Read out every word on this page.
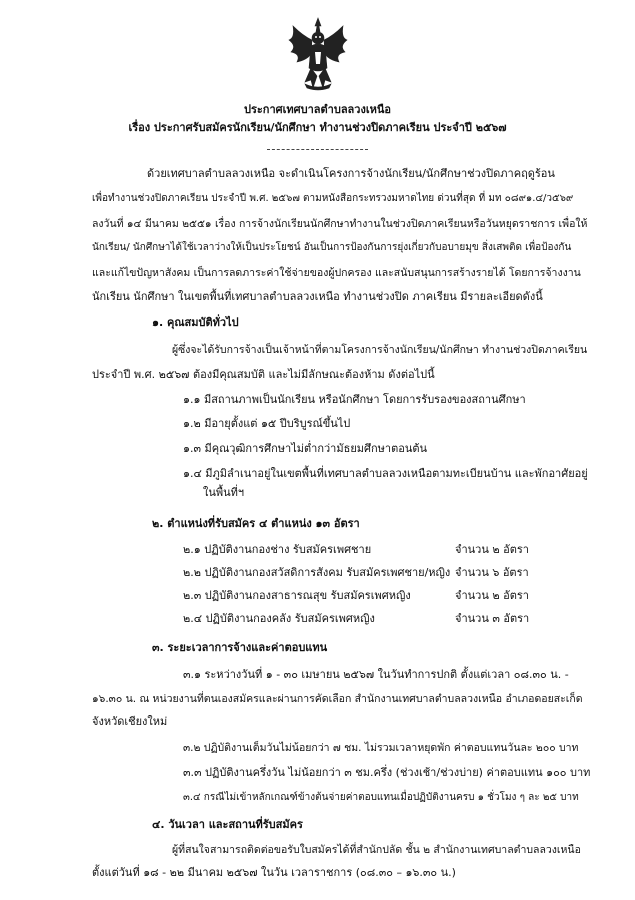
ประกาศเทศบาลตำบลลวงเหนือ
เรื่อง ประกาศรับสมัครนักเรียน/นักศึกษา ทำงานช่วงปิดภาคเรียน ประจำปี ๒๕๖๗
ด้วยเทศบาลตำบลลวงเหนือ จะดำเนินโครงการจ้างนักเรียน/นักศึกษาช่วงปิดภาคฤดูร้อน
เพื่อทำงานช่วงปิดภาคเรียน ประจำปี พ.ศ. ๒๕๖๗ ตามหนังสือกระทรวงมหาดไทย ด่วนที่สุด ที่ มท ๐๘๙๑.๔/ว๕๖๙
ลงวันที่ ๑๔ มีนาคม ๒๕๕๑ เรื่อง การจ้างนักเรียนนักศึกษาทำงานในช่วงปิดภาคเรียนหรือวันหยุดราชการ เพื่อให้
นักเรียน/ นักศึกษาได้ใช้เวลาว่างให้เป็นประโยชน์ อันเป็นการป้องกันการยุ่งเกี่ยวกับอบายมุข สิ่งเสพติด เพื่อป้องกัน
และแก้ไขปัญหาสังคม เป็นการลดภาระค่าใช้จ่ายของผู้ปกครอง และสนับสนุนการสร้างรายได้ โดยการจ้างงาน
นักเรียน นักศึกษา ในเขตพื้นที่เทศบาลตำบลลวงเหนือ ทำงานช่วงปิด ภาคเรียน มีรายละเอียดดังนี้
๑. คุณสมบัติทั่วไป
ผู้ซึ่งจะได้รับการจ้างเป็นเจ้าหน้าที่ตามโครงการจ้างนักเรียน/นักศึกษา ทำงานช่วงปิดภาคเรียน
ประจำปี พ.ศ. ๒๕๖๗ ต้องมีคุณสมบัติ และไม่มีลักษณะต้องห้าม ดังต่อไปนี้
๑.๑ มีสถานภาพเป็นนักเรียน หรือนักศึกษา โดยการรับรองของสถานศึกษา
๑.๒ มีอายุตั้งแต่ ๑๕ ปีบริบูรณ์ขึ้นไป
๑.๓ มีคุณวุฒิการศึกษาไม่ต่ำกว่ามัธยมศึกษาตอนต้น
๑.๔ มีภูมิลำเนาอยู่ในเขตพื้นที่เทศบาลตำบลลวงเหนือตามทะเบียนบ้าน และพักอาศัยอยู่
ในพื้นที่ฯ
๒. ตำแหน่งที่รับสมัคร ๔ ตำแหน่ง ๑๓ อัตรา
๒.๑ ปฏิบัติงานกองช่าง รับสมัครเพศชาย	จำนวน ๒ อัตรา
๒.๒ ปฏิบัติงานกองสวัสดิการสังคม รับสมัครเพศชาย/หญิง จำนวน ๖ อัตรา
๒.๓ ปฏิบัติงานกองสาธารณสุข รับสมัครเพศหญิง	จำนวน ๒ อัตรา
๒.๔ ปฏิบัติงานกองคลัง รับสมัครเพศหญิง	จำนวน ๓ อัตรา
๓. ระยะเวลาการจ้างและค่าตอบแทน
๓.๑ ระหว่างวันที่ ๑ - ๓๐ เมษายน ๒๕๖๗ ในวันทำการปกติ ตั้งแต่เวลา ๐๘.๓๐ น. -
๑๖.๓๐ น. ณ หน่วยงานที่ตนเองสมัครและผ่านการคัดเลือก สำนักงานเทศบาลตำบลลวงเหนือ อำเภอดอยสะเก็ด
จังหวัดเชียงใหม่
๓.๒ ปฏิบัติงานเต็มวันไม่น้อยกว่า ๗ ชม. ไม่รวมเวลาหยุดพัก ค่าตอบแทนวันละ ๒๐๐ บาท
๓.๓ ปฏิบัติงานครึ่งวัน ไม่น้อยกว่า ๓ ชม.ครึ่ง (ช่วงเช้า/ช่วงบ่าย) ค่าตอบแทน ๑๐๐ บาท
๓.๔ กรณีไม่เข้าหลักเกณฑ์ข้างต้นจ่ายค่าตอบแทนเมื่อปฏิบัติงานครบ ๑ ชั่วโมง ๆ ละ ๒๕ บาท
๔. วันเวลา และสถานที่รับสมัคร
ผู้ที่สนใจสามารถติดต่อขอรับใบสมัครได้ที่สำนักปลัด ชั้น ๒ สำนักงานเทศบาลตำบลลวงเหนือ
ตั้งแต่วันที่ ๑๘ - ๒๒ มีนาคม ๒๕๖๗ ในวัน เวลาราชการ (๐๘.๓๐ – ๑๖.๓๐ น.)
